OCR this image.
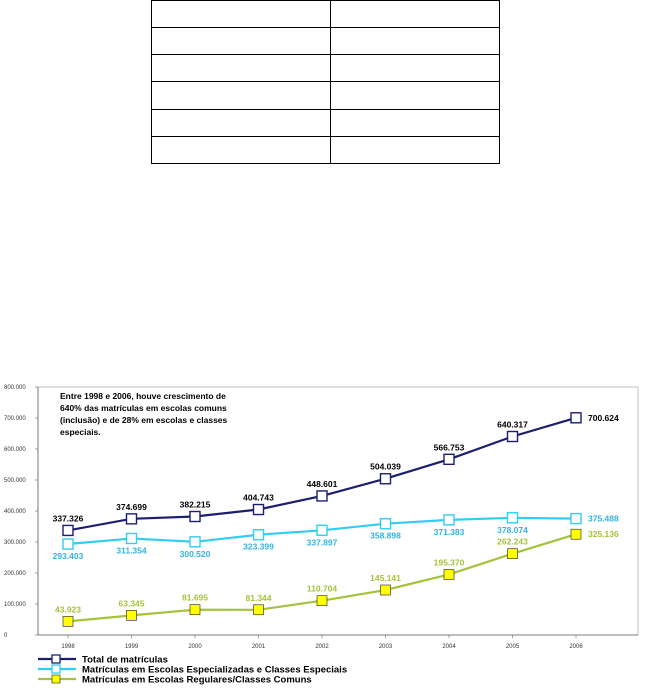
0
100.000
200.000
300.000
400.000
500.000
600.000
700.000
800.000
1998	1999	2000	2001	2002	2003	2004	2005	2006
337.326
374.699	382.215
404.743
448.601
504.039
566.753
640.317
700.624
293.403
311.354	300.520
323.399	337.897
358.898	371.383	378.074
375.488
43.923
63.345
81.695	81.344
110.704
145.141
195.370
262.243
325.136
Entre 1998 e 2006, houve crescimento de 640% das matrículas em escolas comuns (inclusão) e de 28% em escolas e classes especiais.
Total de matrículas
Matrículas em Escolas Especializadas e Classes Especiais
Matrículas em Escolas Regulares/Classes Comuns
